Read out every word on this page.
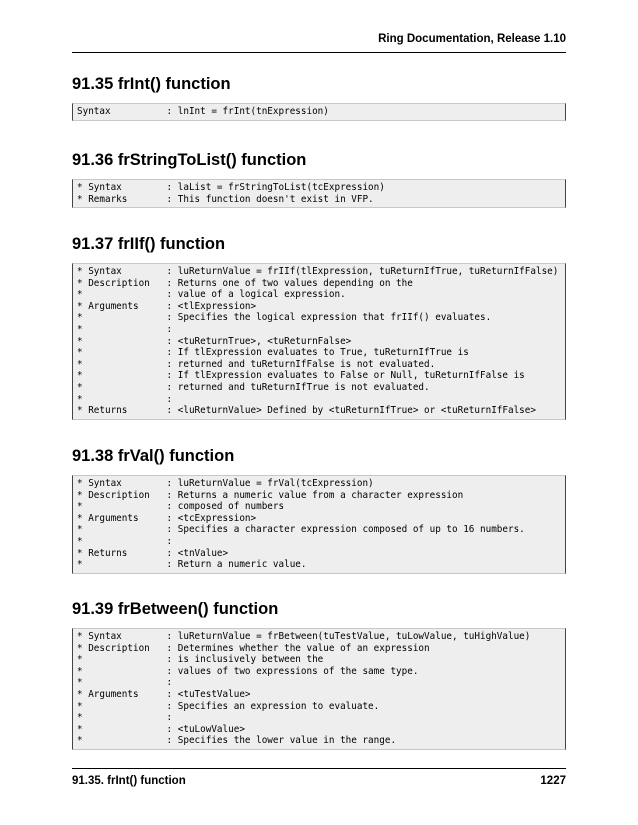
Ring Documentation, Release 1.10
91.35 frInt() function
Syntax          : lnInt = frInt(tnExpression)
91.36 frStringToList() function
* Syntax        : laList = frStringToList(tcExpression)
* Remarks       : This function doesn't exist in VFP.
91.37 frIIf() function
* Syntax        : luReturnValue = frIIf(tlExpression, tuReturnIfTrue, tuReturnIfFalse)
* Description   : Returns one of two values depending on the
*               : value of a logical expression.
* Arguments     : <tlExpression>
*               : Specifies the logical expression that frIIf() evaluates.
*               :
*               : <tuReturnTrue>, <tuReturnFalse>
*               : If tlExpression evaluates to True, tuReturnIfTrue is
*               : returned and tuReturnIfFalse is not evaluated.
*               : If tlExpression evaluates to False or Null, tuReturnIfFalse is
*               : returned and tuReturnIfTrue is not evaluated.
*               :
* Returns       : <luReturnValue> Defined by <tuReturnIfTrue> or <tuReturnIfFalse>
91.38 frVal() function
* Syntax        : luReturnValue = frVal(tcExpression)
* Description   : Returns a numeric value from a character expression
*               : composed of numbers
* Arguments     : <tcExpression>
*               : Specifies a character expression composed of up to 16 numbers.
*               :
* Returns       : <tnValue>
*               : Return a numeric value.
91.39 frBetween() function
* Syntax        : luReturnValue = frBetween(tuTestValue, tuLowValue, tuHighValue)
* Description   : Determines whether the value of an expression
*               : is inclusively between the
*               : values of two expressions of the same type.
*               :
* Arguments     : <tuTestValue>
*               : Specifies an expression to evaluate.
*               :
*               : <tuLowValue>
*               : Specifies the lower value in the range.
91.35. frInt() function	1227
